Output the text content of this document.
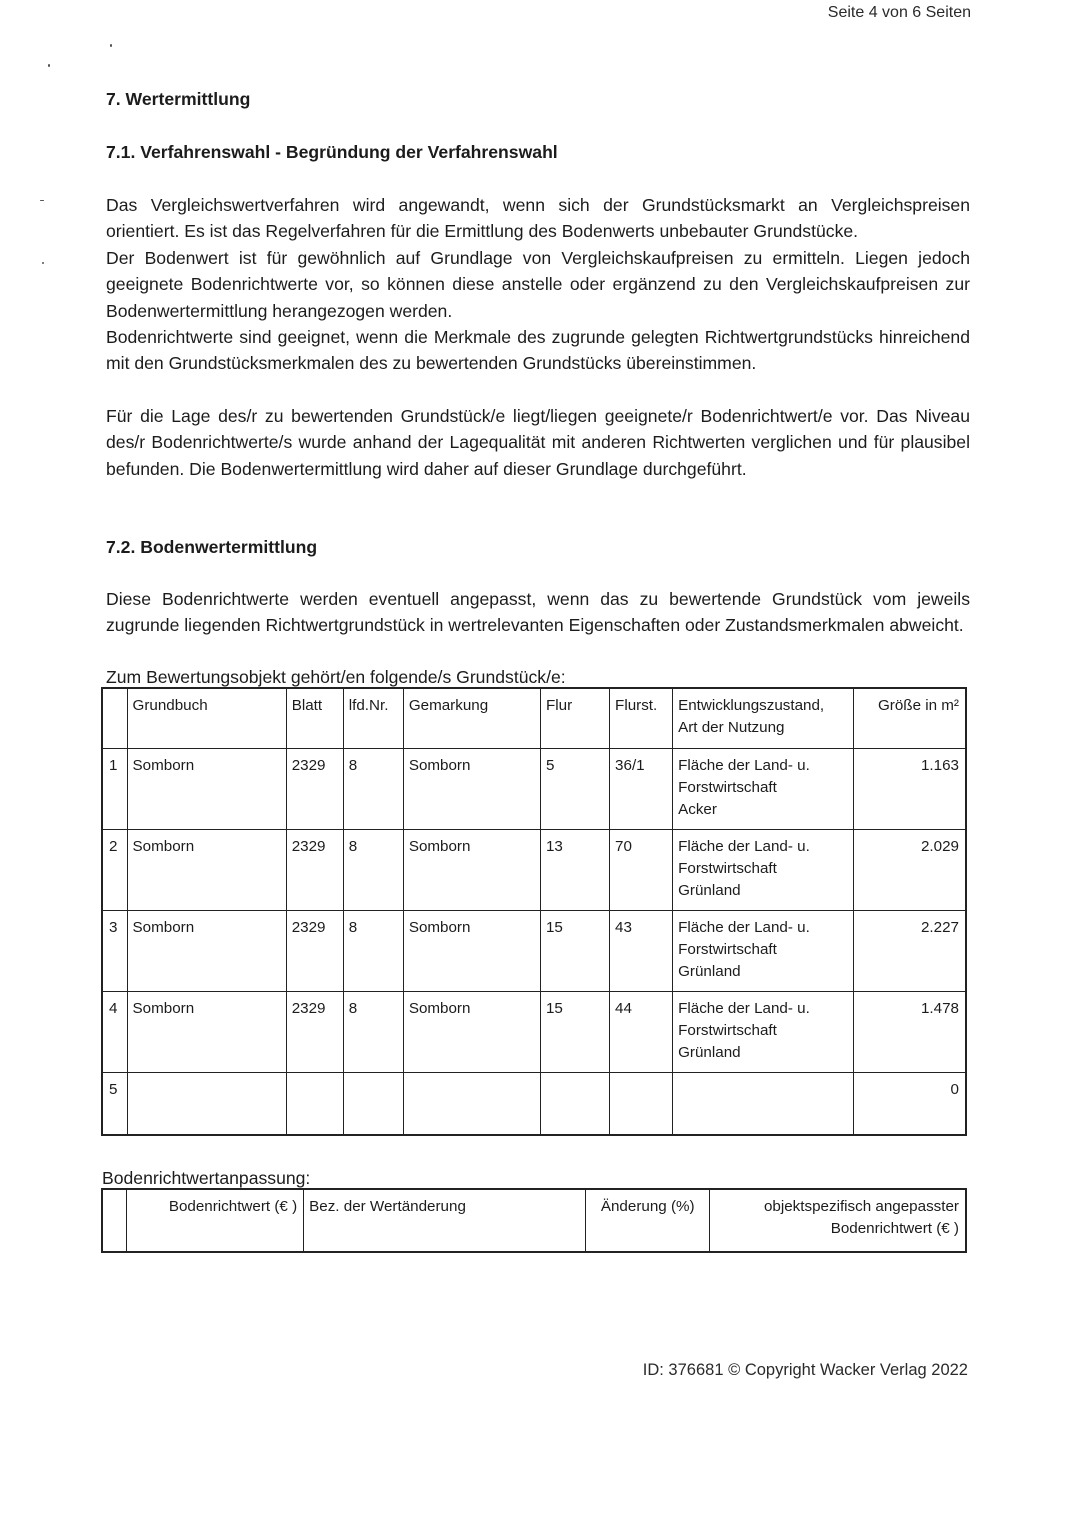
Seite 4 von 6 Seiten
7. Wertermittlung
7.1. Verfahrenswahl - Begründung der Verfahrenswahl

Das Vergleichswertverfahren wird angewandt, wenn sich der Grundstücksmarkt an Vergleichspreisen orientiert. Es ist das Regelverfahren für die Ermittlung des Bodenwerts unbebauter Grundstücke.

Der Bodenwert ist für gewöhnlich auf Grundlage von Vergleichskaufpreisen zu ermitteln. Liegen jedoch geeignete Bodenrichtwerte vor, so können diese anstelle oder ergänzend zu den Vergleichskaufpreisen zur Bodenwertermittlung herangezogen werden.

Bodenrichtwerte sind geeignet, wenn die Merkmale des zugrunde gelegten Richtwertgrundstücks hinreichend mit den Grundstücksmerkmalen des zu bewertenden Grundstücks übereinstimmen.

Für die Lage des/r zu bewertenden Grundstück/e liegt/liegen geeignete/r Bodenrichtwert/e vor. Das Niveau des/r Bodenrichtwerte/s wurde anhand der Lagequalität mit anderen Richtwerten verglichen und für plausibel befunden. Die Bodenwertermittlung wird daher auf dieser Grundlage durchgeführt.

7.2. Bodenwertermittlung

Diese Bodenrichtwerte werden eventuell angepasst, wenn das zu bewertende Grundstück vom jeweils zugrunde liegenden Richtwertgrundstück in wertrelevanten Eigenschaften oder Zustandsmerkmalen abweicht.

Zum Bewertungsobjekt gehört/en folgende/s Grundstück/e:
	Grundbuch	Blatt	lfd.Nr.	Gemarkung	Flur	Flurst.	Entwicklungszustand,
Art der Nutzung	Größe in m²
1	Somborn	2329	8	Somborn	5	36/1	Fläche der Land- u.
Forstwirtschaft
Acker	1.163
2	Somborn	2329	8	Somborn	13	70	Fläche der Land- u.
Forstwirtschaft
Grünland	2.029
3	Somborn	2329	8	Somborn	15	43	Fläche der Land- u.
Forstwirtschaft
Grünland	2.227
4	Somborn	2329	8	Somborn	15	44	Fläche der Land- u.
Forstwirtschaft
Grünland	1.478
5								0
Bodenrichtwertanpassung:
	Bodenrichtwert (€ )	Bez. der Wertänderung	Änderung (%)	objektspezifisch angepasster
Bodenrichtwert (€ )
ID: 376681 © Copyright Wacker Verlag 2022
